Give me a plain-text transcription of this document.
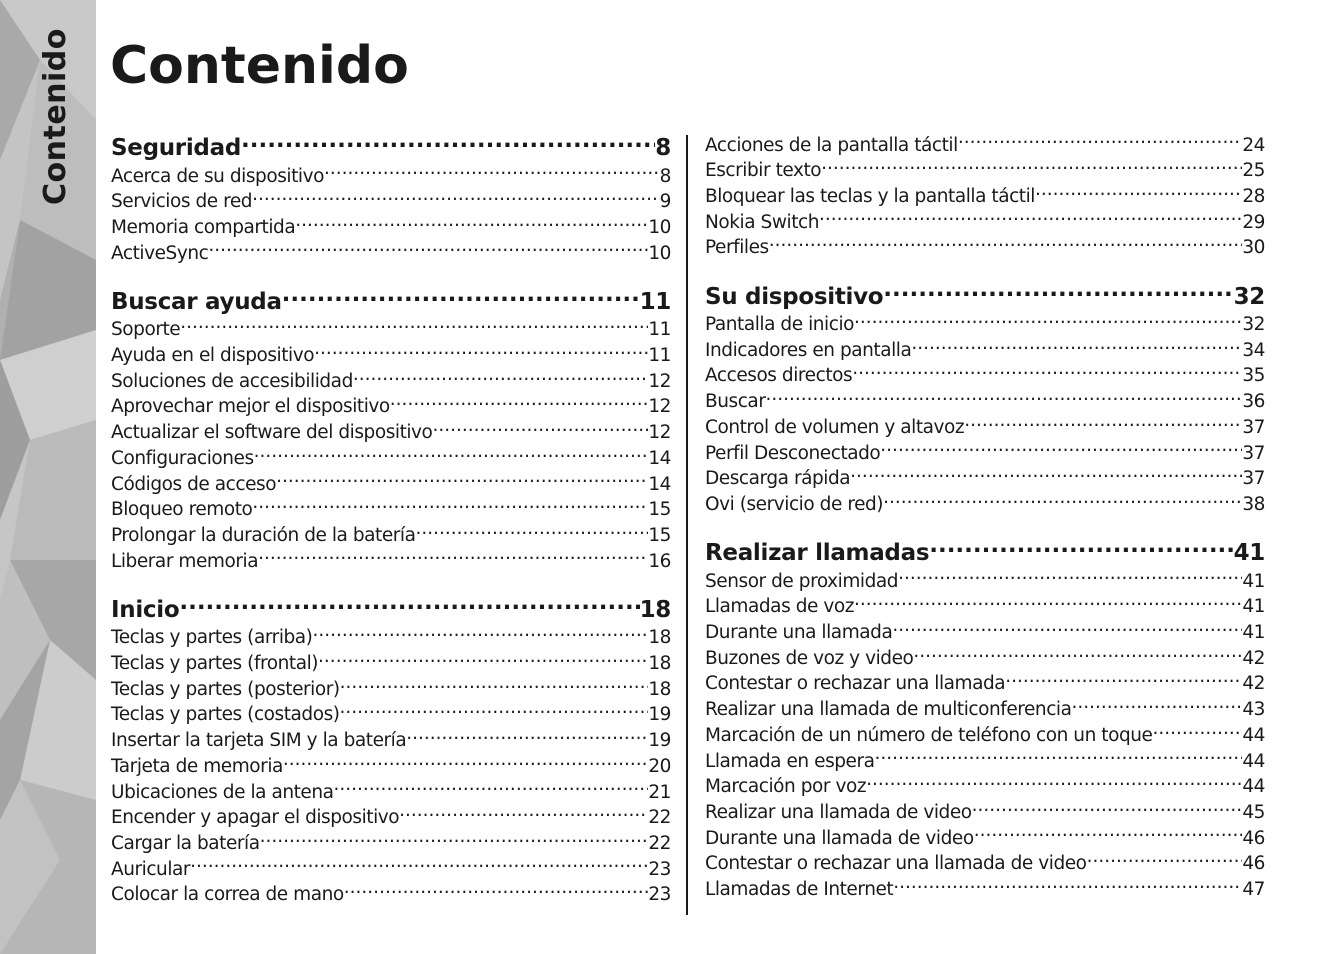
Contenido Contenido
Seguridad .....	8
Acerca de su dispositivo .....	8
Servicios de red .....	9
Memoria compartida .....	10
ActiveSync .....	10
Buscar ayuda .....	11
Soporte .....	11
Ayuda en el dispositivo .....	11
Soluciones de accesibilidad .....	12
Aprovechar mejor el dispositivo .....	12
Actualizar el software del dispositivo .....	12
Configuraciones .....	14
Códigos de acceso .....	14
Bloqueo remoto .....	15
Prolongar la duración de la batería .....	15
Liberar memoria .....	16
Inicio .....	18
Teclas y partes (arriba) .....	18
Teclas y partes (frontal) .....	18
Teclas y partes (posterior) .....	18
Teclas y partes (costados) .....	19
Insertar la tarjeta SIM y la batería .....	19
Tarjeta de memoria .....	20
Ubicaciones de la antena .....	21
Encender y apagar el dispositivo .....	22
Cargar la batería .....	22
Auricular .....	23
Colocar la correa de mano .....	23
Acciones de la pantalla táctil .....	24
Escribir texto .....	25
Bloquear las teclas y la pantalla táctil .....	28
Nokia Switch .....	29
Perfiles .....	30
Su dispositivo .....	32
Pantalla de inicio .....	32
Indicadores en pantalla .....	34
Accesos directos .....	35
Buscar .....	36
Control de volumen y altavoz .....	37
Perfil Desconectado .....	37
Descarga rápida .....	37
Ovi (servicio de red) .....	38
Realizar llamadas .....	41
Sensor de proximidad .....	41
Llamadas de voz .....	41
Durante una llamada .....	41
Buzones de voz y video .....	42
Contestar o rechazar una llamada .....	42
Realizar una llamada de multiconferencia .....	43
Marcación de un número de teléfono con un toque .....	44
Llamada en espera .....	44
Marcación por voz .....	44
Realizar una llamada de video .....	45
Durante una llamada de video .....	46
Contestar o rechazar una llamada de video .....	46
Llamadas de Internet .....	47
